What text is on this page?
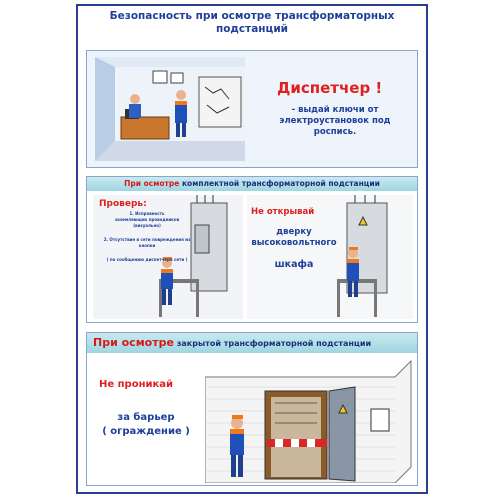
Безопасность при осмотре трансформаторных
подстанций
Диспетчер !
- выдай ключи от
электроустановок под
роспись.
При осмотре комплектной трансформаторной подстанции
Проверь:
1. Исправность
заземляющих проводников
(визуально)
2. Отсутствие в сети повреждения из
кнопки
( по сообщению диспетчера сети )
Не открывай
дверку
высоковольтного
шкафа
При осмотре закрытой трансформаторной подстанции
Не проникай
за барьер
( ограждение )
